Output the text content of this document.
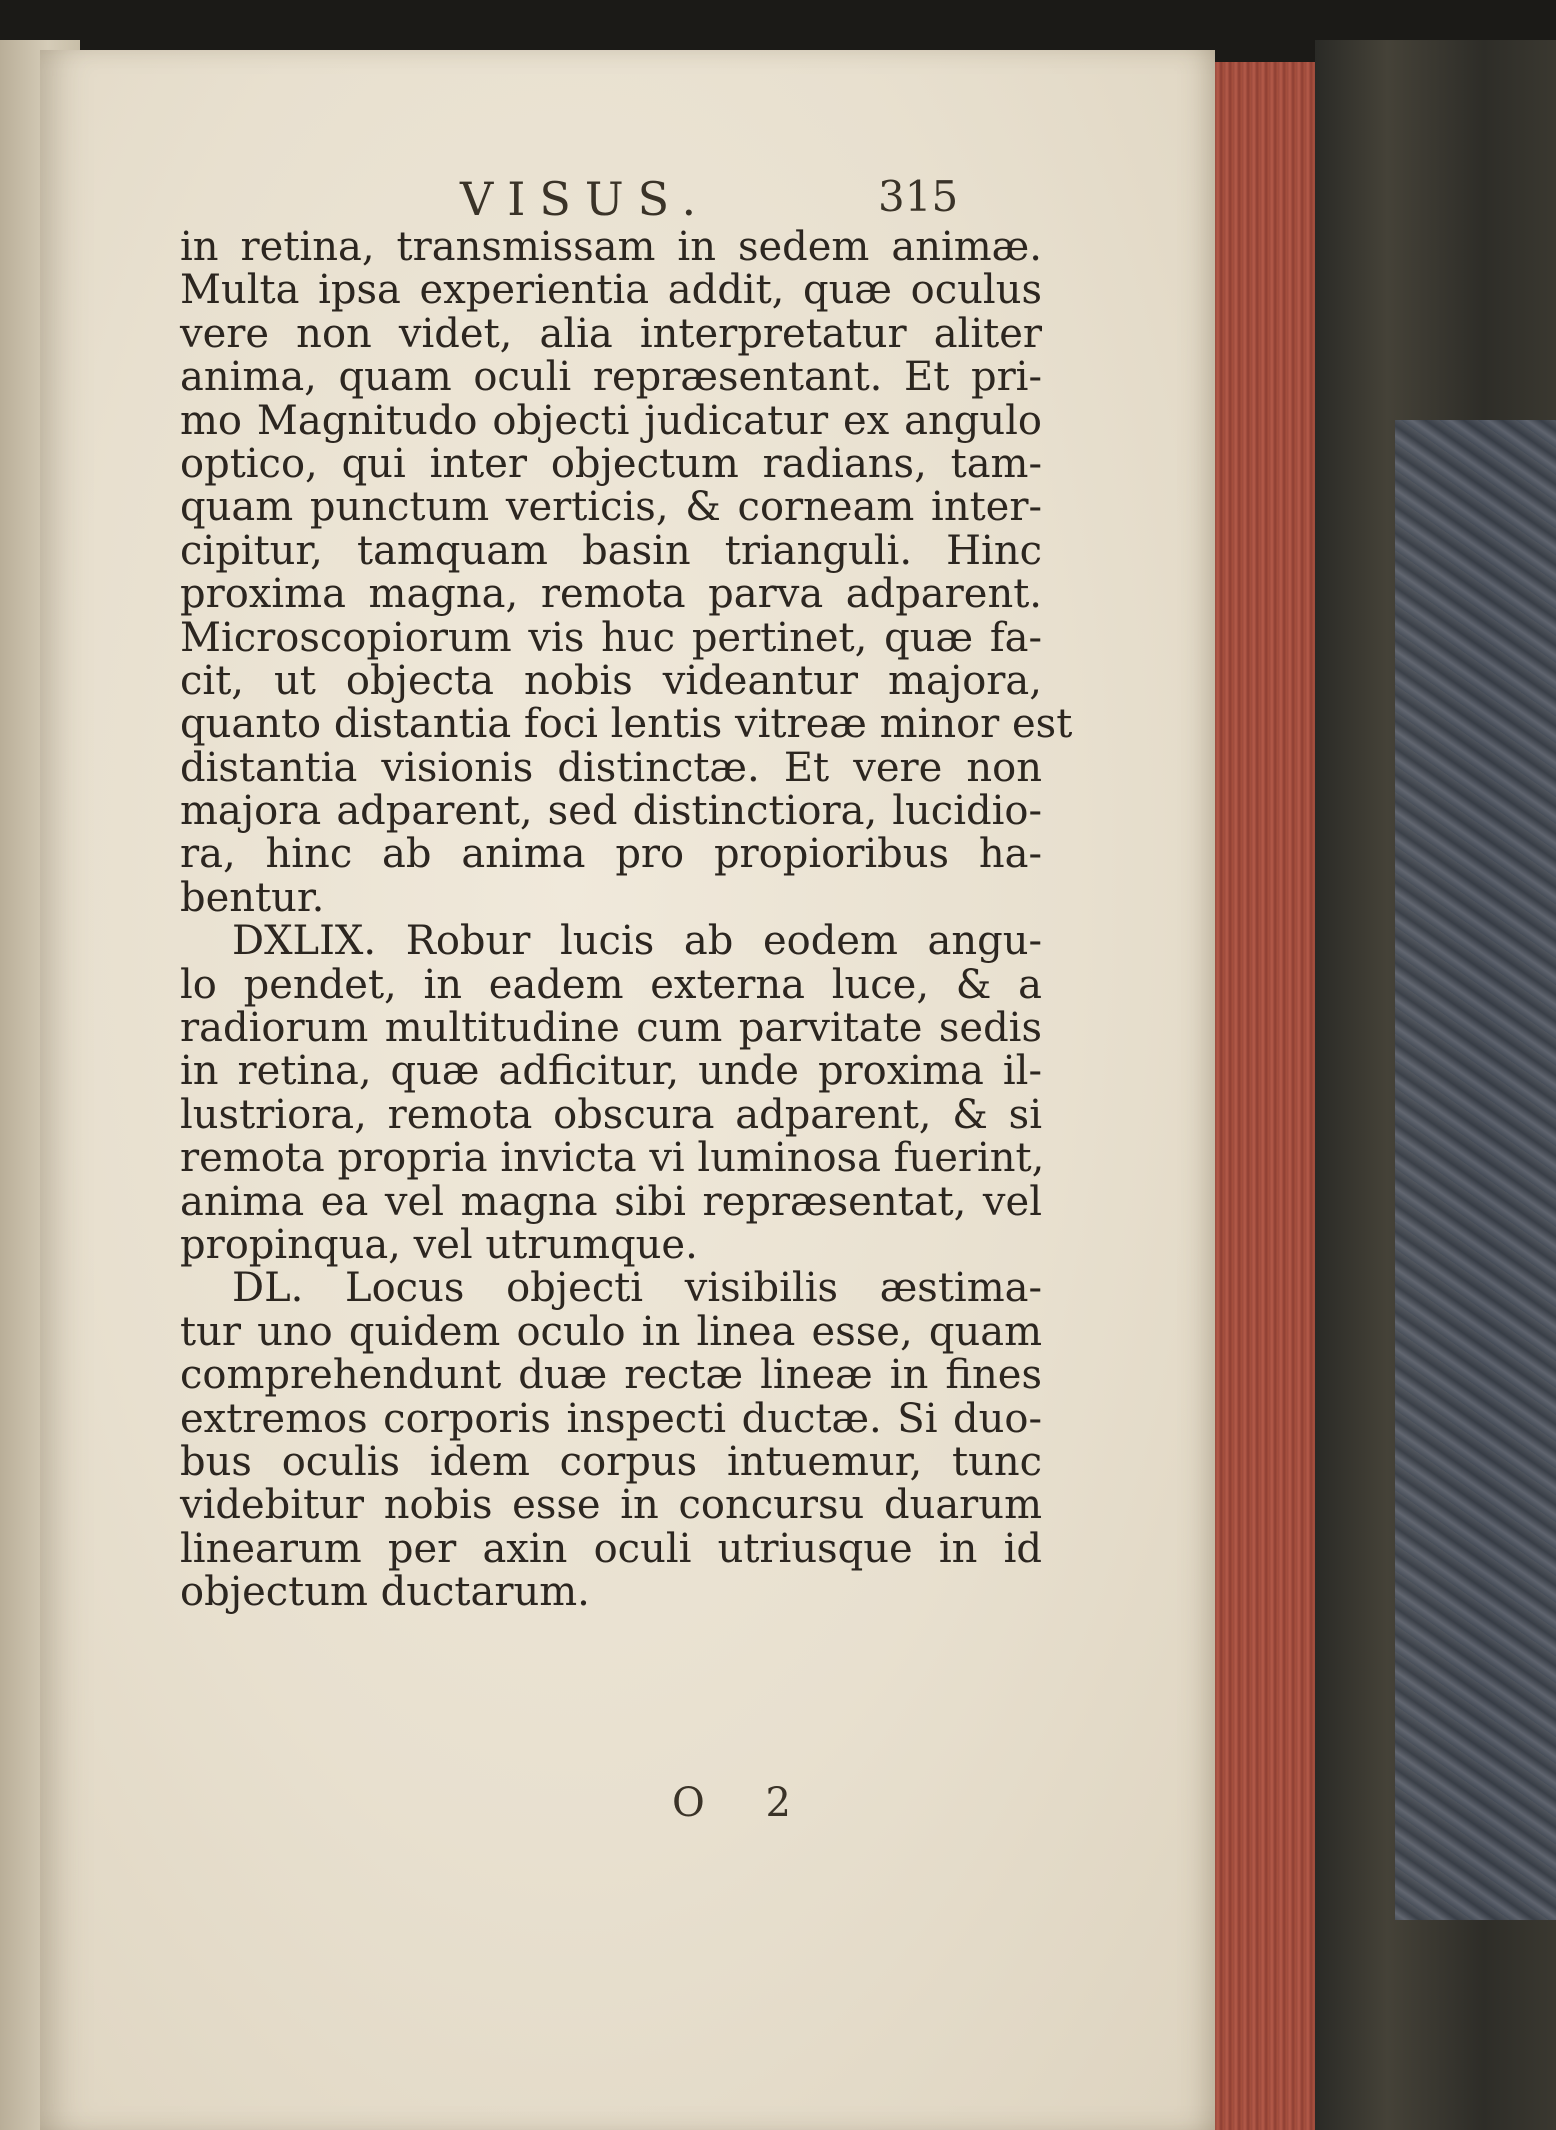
VISUS.	315
in retina, transmissam in sedem animæ.
Multa ipsa experientia addit, quæ oculus
vere non videt, alia interpretatur aliter
anima, quam oculi repræsentant. Et pri-
mo Magnitudo objecti judicatur ex angulo
optico, qui inter objectum radians, tam-
quam punctum verticis, & corneam inter-
cipitur, tamquam basin trianguli. Hinc
proxima magna, remota parva adparent.
Microscopiorum vis huc pertinet, quæ fa-
cit, ut objecta nobis videantur majora,
quanto distantia foci lentis vitreæ minor est
distantia visionis distinctæ. Et vere non
majora adparent, sed distinctiora, lucidio-
ra, hinc ab anima pro propioribus ha-
bentur.
DXLIX. Robur lucis ab eodem angu-
lo pendet, in eadem externa luce, & a
radiorum multitudine cum parvitate sedis
in retina, quæ adficitur, unde proxima il-
lustriora, remota obscura adparent, & si
remota propria invicta vi luminosa fuerint,
anima ea vel magna sibi repræsentat, vel
propinqua, vel utrumque.
DL. Locus objecti visibilis æstima-
tur uno quidem oculo in linea esse, quam
comprehendunt duæ rectæ lineæ in fines
extremos corporis inspecti ductæ. Si duo-
bus oculis idem corpus intuemur, tunc
videbitur nobis esse in concursu duarum
linearum per axin oculi utriusque in id
objectum ductarum.
O 2
